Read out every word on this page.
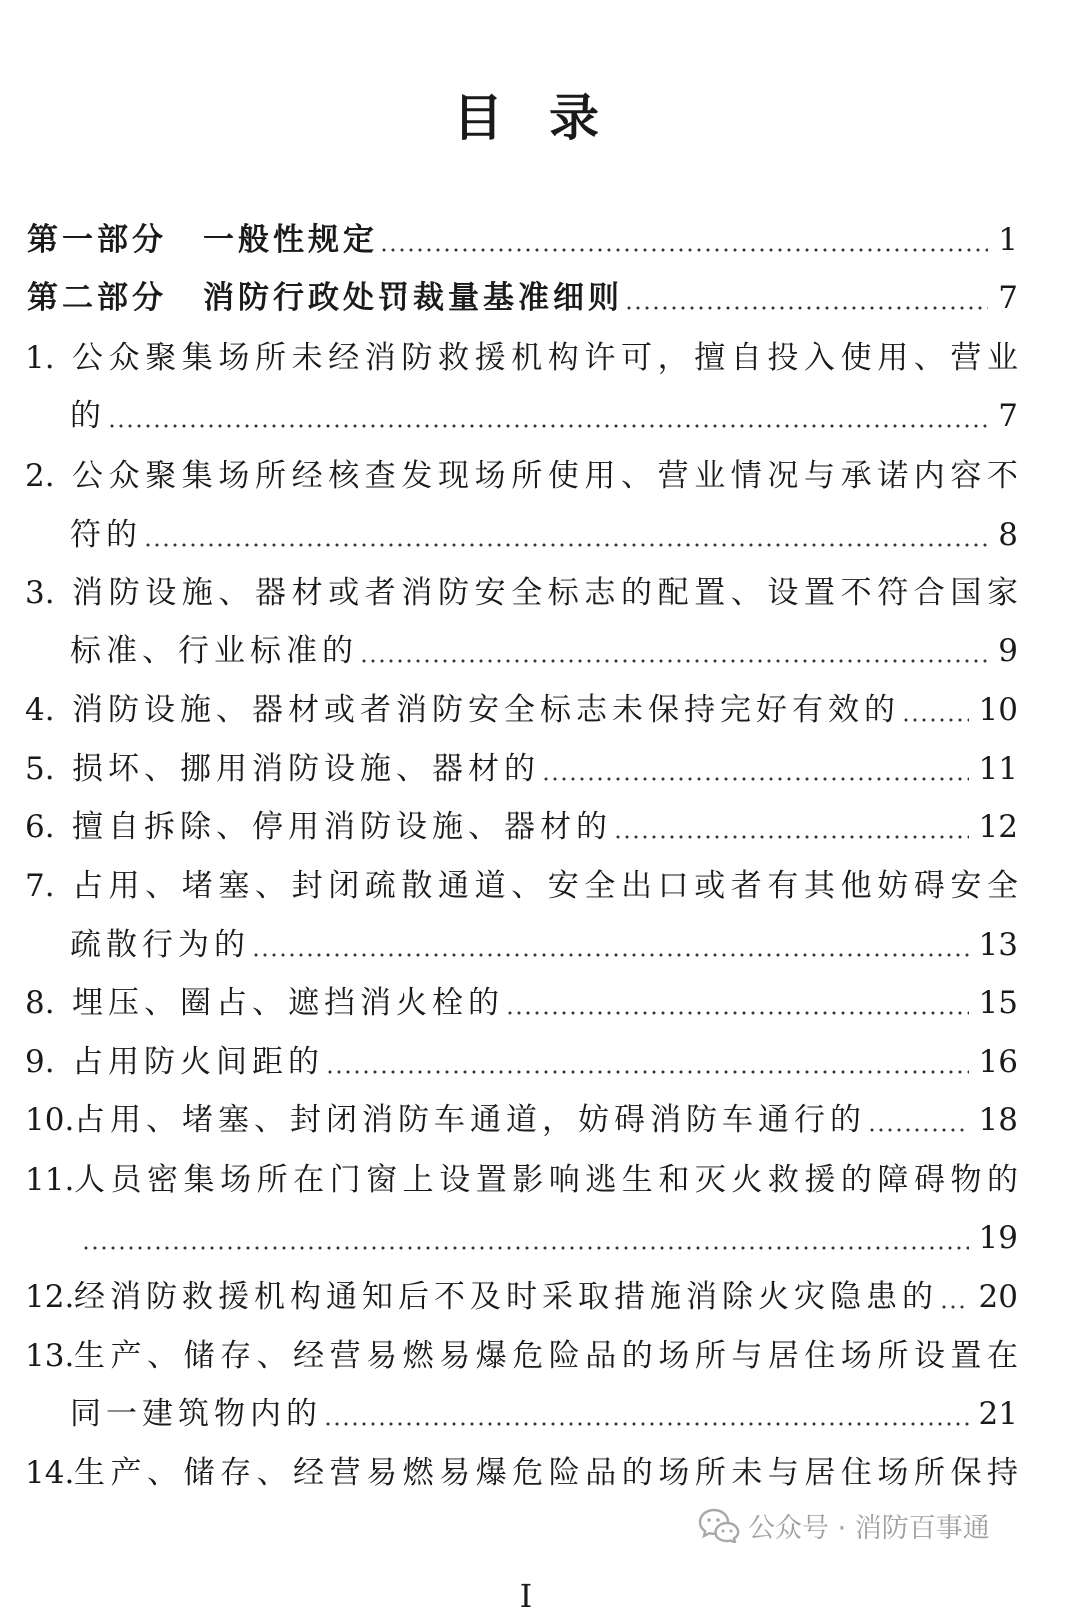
目 录
第一部分 一般性规定	1
第二部分 消防行政处罚裁量基准细则	7
1. 公众聚集场所未经消防救援机构许可，擅自投入使用、营业
的	7
2. 公众聚集场所经核查发现场所使用、营业情况与承诺内容不
符的	8
3. 消防设施、器材或者消防安全标志的配置、设置不符合国家
标准、行业标准的	9
4. 消防设施、器材或者消防安全标志未保持完好有效的	10
5. 损坏、挪用消防设施、器材的	11
6. 擅自拆除、停用消防设施、器材的	12
7. 占用、堵塞、封闭疏散通道、安全出口或者有其他妨碍安全
疏散行为的	13
8. 埋压、圈占、遮挡消火栓的	15
9. 占用防火间距的	16
10. 占用、堵塞、封闭消防车通道，妨碍消防车通行的	18
11. 人员密集场所在门窗上设置影响逃生和灭火救援的障碍物的
19
12. 经消防救援机构通知后不及时采取措施消除火灾隐患的 20
13. 生产、储存、经营易燃易爆危险品的场所与居住场所设置在
同一建筑物内的	21
14. 生产、储存、经营易燃易爆危险品的场所未与居住场所保持
公众号 · 消防百事通
I
